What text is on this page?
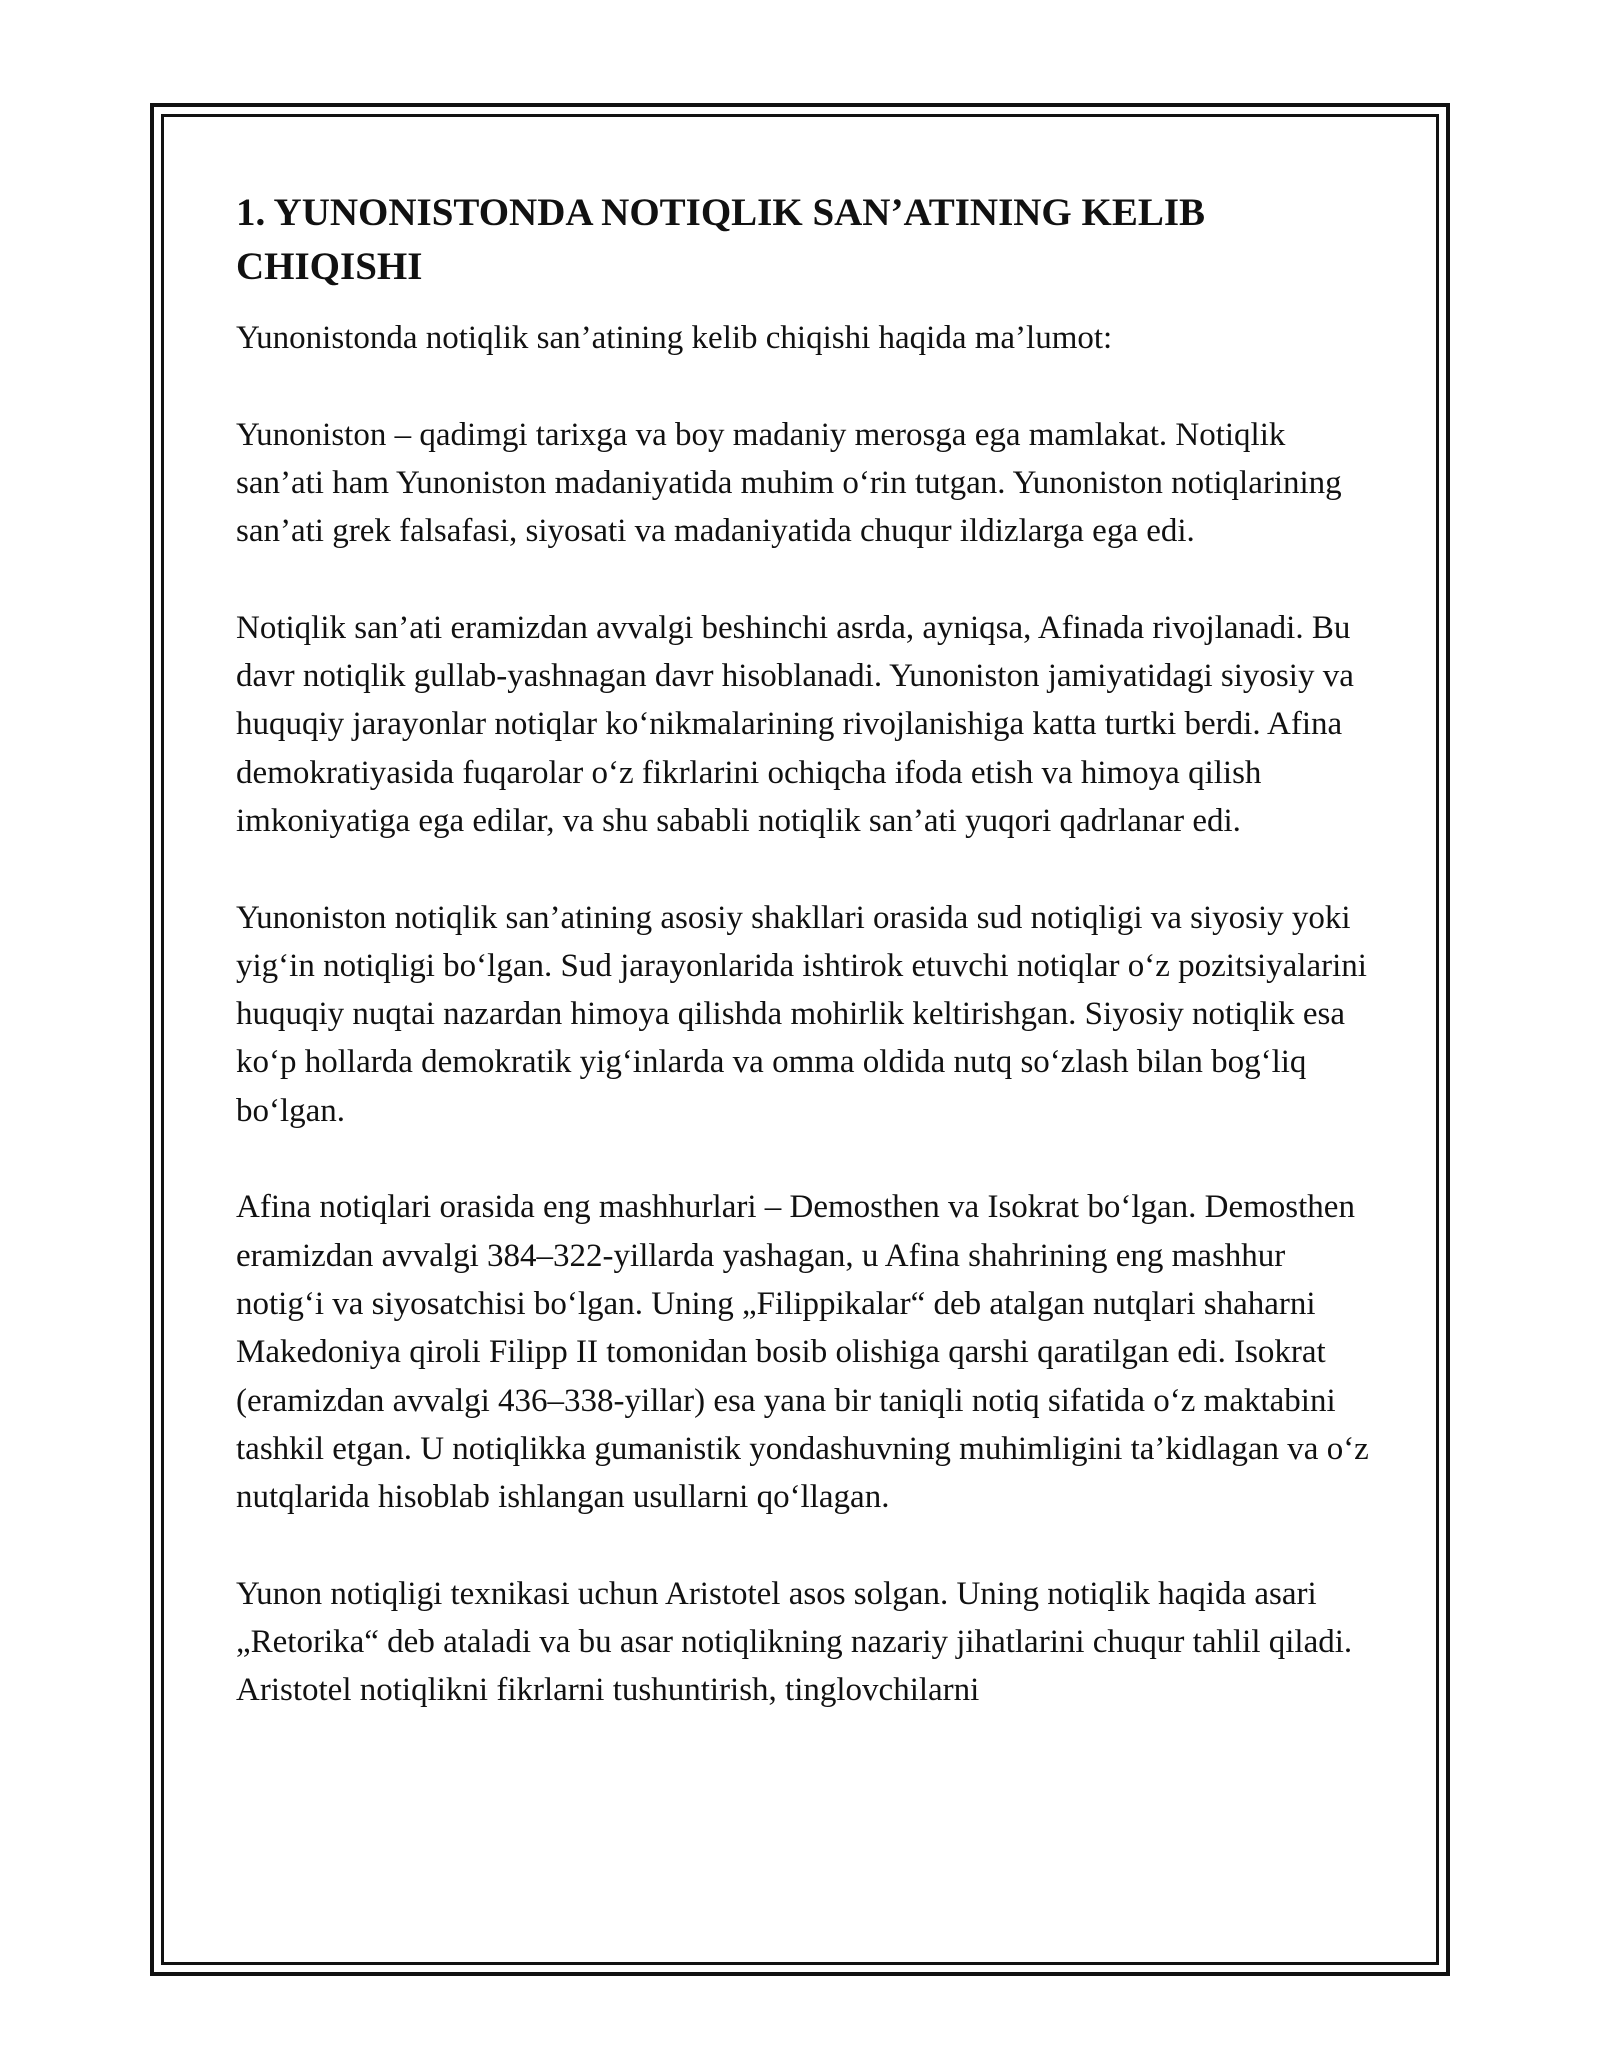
1. YUNONISTONDA NOTIQLIK SAN’ATINING KELIB CHIQISHI

Yunonistonda notiqlik san’atining kelib chiqishi haqida ma’lumot:

Yunoniston – qadimgi tarixga va boy madaniy merosga ega mamlakat. Notiqlik san’ati ham Yunoniston madaniyatida muhim o‘rin tutgan. Yunoniston notiqlarining san’ati grek falsafasi, siyosati va madaniyatida chuqur ildizlarga ega edi.

Notiqlik san’ati eramizdan avvalgi beshinchi asrda, ayniqsa, Afinada rivojlanadi. Bu davr notiqlik gullab-yashnagan davr hisoblanadi. Yunoniston jamiyatidagi siyosiy va huquqiy jarayonlar notiqlar ko‘nikmalarining rivojlanishiga katta turtki berdi. Afina demokratiyasida fuqarolar o‘z fikrlarini ochiqcha ifoda etish va himoya qilish imkoniyatiga ega edilar, va shu sababli notiqlik san’ati yuqori qadrlanar edi.

Yunoniston notiqlik san’atining asosiy shakllari orasida sud notiqligi va siyosiy yoki yig‘in notiqligi bo‘lgan. Sud jarayonlarida ishtirok etuvchi notiqlar o‘z pozitsiyalarini huquqiy nuqtai nazardan himoya qilishda mohirlik keltirishgan. Siyosiy notiqlik esa ko‘p hollarda demokratik yig‘inlarda va omma oldida nutq so‘zlash bilan bog‘liq bo‘lgan.

Afina notiqlari orasida eng mashhurlari – Demosthen va Isokrat bo‘lgan. Demosthen eramizdan avvalgi 384–322-yillarda yashagan, u Afina shahrining eng mashhur notig‘i va siyosatchisi bo‘lgan. Uning „Filippikalar“ deb atalgan nutqlari shaharni Makedoniya qiroli Filipp II tomonidan bosib olishiga qarshi qaratilgan edi. Isokrat (eramizdan avvalgi 436–338-yillar) esa yana bir taniqli notiq sifatida o‘z maktabini tashkil etgan. U notiqlikka gumanistik yondashuvning muhimligini ta’kidlagan va o‘z nutqlarida hisoblab ishlangan usullarni qo‘llagan.

Yunon notiqligi texnikasi uchun Aristotel asos solgan. Uning notiqlik haqida asari „Retorika“ deb ataladi va bu asar notiqlikning nazariy jihatlarini chuqur tahlil qiladi. Aristotel notiqlikni fikrlarni tushuntirish, tinglovchilarni
